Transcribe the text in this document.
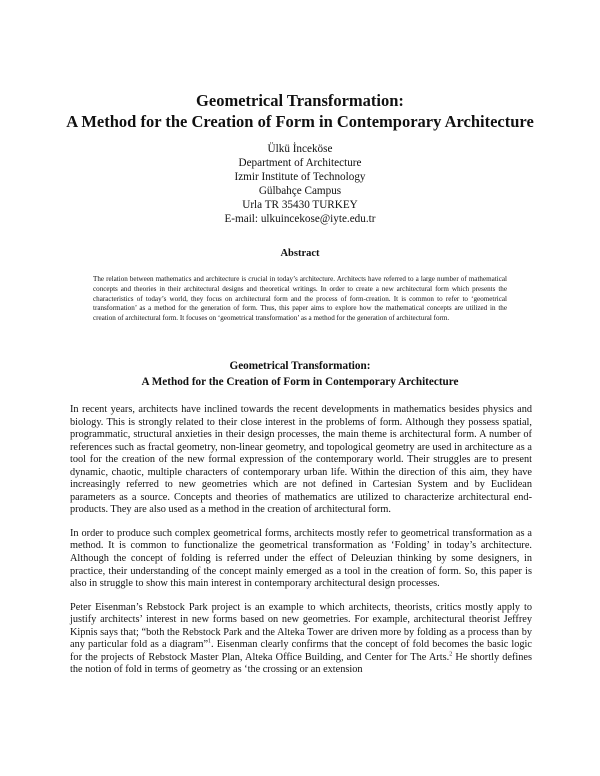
Geometrical Transformation:
A Method for the Creation of Form in Contemporary Architecture
Ülkü İnceköse
Department of Architecture
Izmir Institute of Technology
Gülbahçe Campus
Urla TR 35430 TURKEY
E-mail: ulkuincekose@iyte.edu.tr
Abstract
The relation between mathematics and architecture is crucial in today’s architecture. Architects have referred to a large number of mathematical concepts and theories in their architectural designs and theoretical writings. In order to create a new architectural form which presents the characteristics of today’s world, they focus on architectural form and the process of form-creation. It is common to refer to ‘geometrical transformation’ as a method for the generation of form. Thus, this paper aims to explore how the mathematical concepts are utilized in the creation of architectural form. It focuses on ‘geometrical transformation’ as a method for the generation of architectural form.
Geometrical Transformation:
A Method for the Creation of Form in Contemporary Architecture

In recent years, architects have inclined towards the recent developments in mathematics besides physics and biology. This is strongly related to their close interest in the problems of form. Although they possess spatial, programmatic, structural anxieties in their design processes, the main theme is architectural form. A number of references such as fractal geometry, non-linear geometry, and topological geometry are used in architecture as a tool for the creation of the new formal expression of the contemporary world. Their struggles are to present dynamic, chaotic, multiple characters of contemporary urban life. Within the direction of this aim, they have increasingly referred to new geometries which are not defined in Cartesian System and by Euclidean parameters as a source. Concepts and theories of mathematics are utilized to characterize architectural end-products. They are also used as a method in the creation of architectural form.

In order to produce such complex geometrical forms, architects mostly refer to geometrical transformation as a method. It is common to functionalize the geometrical transformation as ‘Folding’ in today’s architecture. Although the concept of folding is referred under the effect of Deleuzian thinking by some designers, in practice, their understanding of the concept mainly emerged as a tool in the creation of form. So, this paper is also in struggle to show this main interest in contemporary architectural design processes.

Peter Eisenman’s Rebstock Park project is an example to which architects, theorists, critics mostly apply to justify architects’ interest in new forms based on new geometries. For example, architectural theorist Jeffrey Kipnis says that; “both the Rebstock Park and the Alteka Tower are driven more by folding as a process than by any particular fold as a diagram”$^1$. Eisenman clearly confirms that the concept of fold becomes the basic logic for the projects of Rebstock Master Plan, Alteka Office Building, and Center for The Arts.$^2$ He shortly defines the notion of fold in terms of geometry as ‘the crossing or an extension
